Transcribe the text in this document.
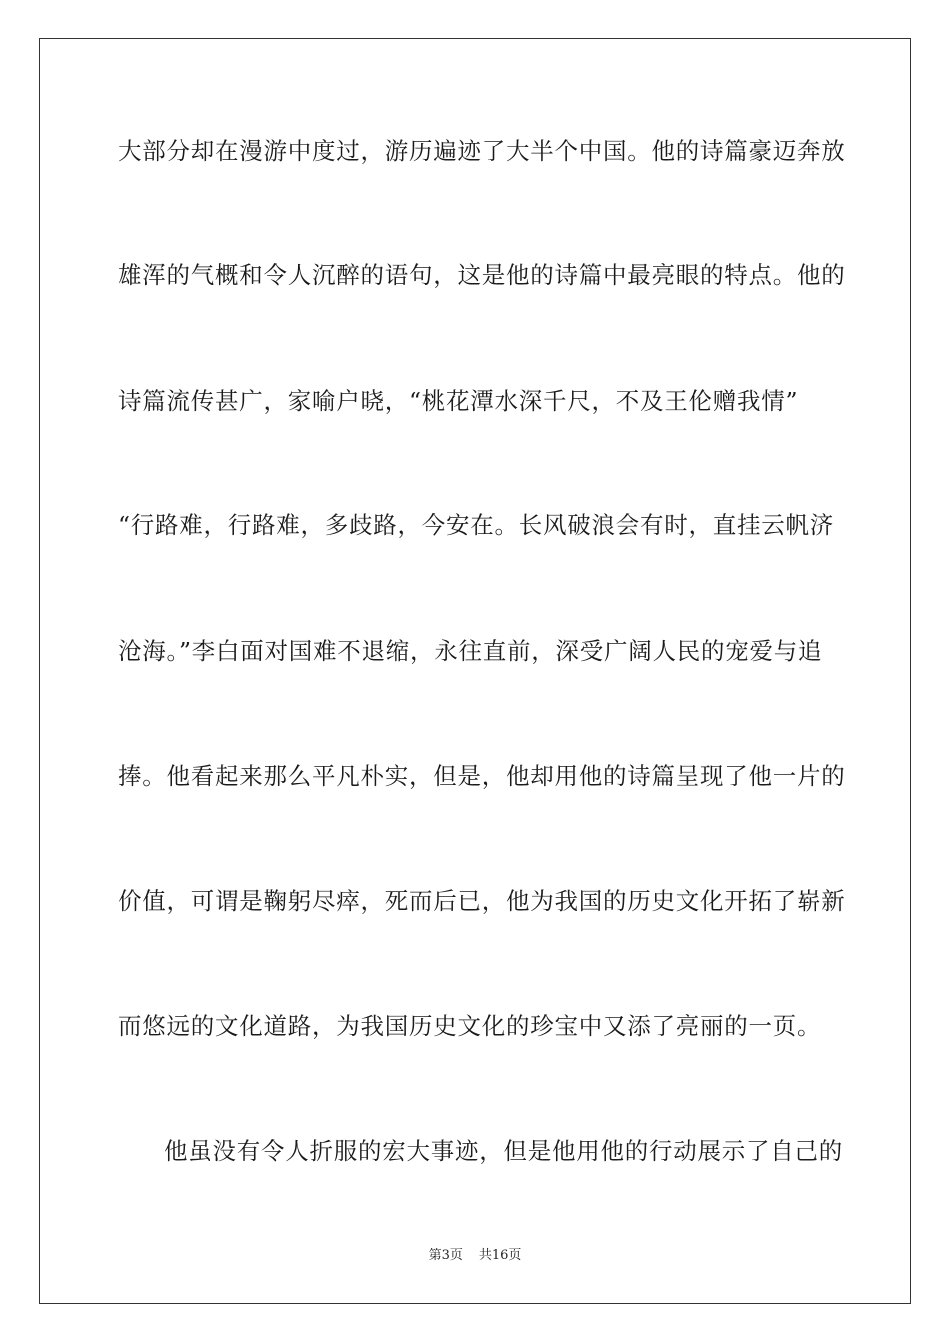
大部分却在漫游中度过，游历遍迹了大半个中国。他的诗篇豪迈奔放
雄浑的气概和令人沉醉的语句，这是他的诗篇中最亮眼的特点。他的
诗篇流传甚广，家喻户晓，“桃花潭水深千尺，不及王伦赠我情”
“行路难，行路难，多歧路，今安在。长风破浪会有时，直挂云帆济
沧海。”李白面对国难不退缩，永往直前，深受广阔人民的宠爱与追
捧。他看起来那么平凡朴实，但是，他却用他的诗篇呈现了他一片的
价值，可谓是鞠躬尽瘁，死而后已，他为我国的历史文化开拓了崭新
而悠远的文化道路，为我国历史文化的珍宝中又添了亮丽的一页。
他虽没有令人折服的宏大事迹，但是他用他的行动展示了自己的
第3页 共16页
